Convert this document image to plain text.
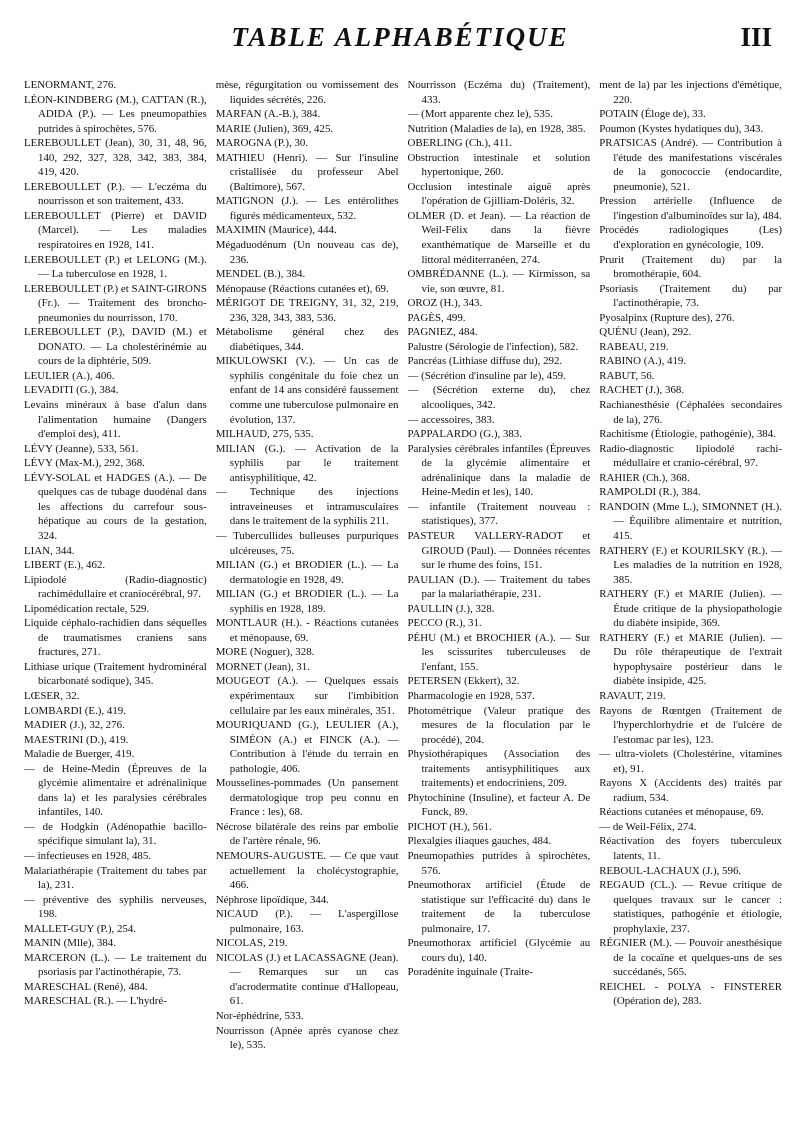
TABLE ALPHABÉTIQUE	III

LENORMANT, 276.

LÉON-KINDBERG (M.), CATTAN (R.), ADIDA (P.). — Les pneumopathies putrides à spirochètes, 576.

LEREBOULLET (Jean), 30, 31, 48, 96, 140, 292, 327, 328, 342, 383, 384, 419, 420.

LEREBOULLET (P.). — L'eczéma du nourrisson et son traitement, 433.

LEREBOULLET (Pierre) et DAVID (Marcel). — Les maladies respiratoires en 1928, 141.

LEREBOULLET (P.) et LELONG (M.). — La tuberculose en 1928, 1.

LEREBOULLET (P.) et SAINT-GIRONS (Fr.). — Traitement des broncho-pneumonies du nourrisson, 170.

LEREBOULLET (P.), DAVID (M.) et DONATO. — La cholestérinémie au cours de la diphtérie, 509.

LEULIER (A.), 406.

LEVADITI (G.), 384.

Levains minéraux à base d'alun dans l'alimentation humaine (Dangers d'emploi des), 411.

LÉVY (Jeanne), 533, 561.

LÉVY (Max-M.), 292, 368.

LÉVY-SOLAL et HADGES (A.). — De quelques cas de tubage duodénal dans les affections du carrefour sous-hépatique au cours de la gestation, 324.

LIAN, 344.

LIBERT (E.), 462.

Lipiodolé (Radio-diagnostic) rachimédullaire et craniocérébral, 97.

Lipomédication rectale, 529.

Liquide céphalo-rachidien dans séquelles de traumatismes craniens sans fractures, 271.

Lithiase urique (Traitement hydrominéral bicarbonaté sodique), 345.

LŒSER, 32.

LOMBARDI (E.), 419.

MADIER (J.), 32, 276.

MAESTRINI (D.), 419.

Maladie de Buerger, 419.

— de Heine-Medin (Épreuves de la glycémie alimentaire et adrénalinique dans la) et les paralysies cérébrales infantiles, 140.

— de Hodgkin (Adénopathie bacillo-spécifique simulant la), 31.

— infectieuses en 1928, 485.

Malariathérapie (Traitement du tabes par la), 231.

— préventive des syphilis nerveuses, 198.

MALLET-GUY (P.), 254.

MANIN (Mlle), 384.

MARCERON (L.). — Le traitement du psoriasis par l'actinothérapie, 73.

MARESCHAL (René), 484.

MARESCHAL (R.). — L'hydré-

mèse, régurgitation ou vomissement des liquides sécrétés, 226.

MARFAN (A.-B.), 384.

MARIE (Julien), 369, 425.

MAROGNA (P.), 30.

MATHIEU (Henri). — Sur l'insuline cristallisée du professeur Abel (Baltimore), 567.

MATIGNON (J.). — Les entérolithes figurés médicamenteux, 532.

MAXIMIN (Maurice), 444.

Mégaduodénum (Un nouveau cas de), 236.

MENDEL (B.), 384.

Ménopause (Réactions cutanées et), 69.

MÉRIGOT DE TREIGNY, 31, 32, 219, 236, 328, 343, 383, 536.

Métabolisme général chez des diabétiques, 344.

MIKULOWSKI (V.). — Un cas de syphilis congénitale du foie chez un enfant de 14 ans considéré faussement comme une tuberculose pulmonaire en évolution, 137.

MILHAUD, 275, 535.

MILIAN (G.). — Activation de la syphilis par le traitement antisyphilitique, 42.

— Technique des injections intraveineuses et intramusculaires dans le traitement de la syphilis 211.

— Tubercullides bulleuses purpuriques ulcéreuses, 75.

MILIAN (G.) et BRODIER (L.). — La dermatologie en 1928, 49.

MILIAN (G.) et BRODIER (L.). — La syphilis en 1928, 189.

MONTLAUR (H.). - Réactions cutanées et ménopause, 69.

MORE (Noguer), 328.

MORNET (Jean), 31.

MOUGEOT (A.). — Quelques essais expérimentaux sur l'imbibition cellulaire par les eaux minérales, 351.

MOURIQUAND (G.), LEULIER (A.), SIMÉON (A.) et FINCK (A.). — Contribution à l'étude du terrain en pathologie, 406.

Mousselines-pommades (Un pansement dermatologique trop peu connu en France : les), 68.

Nécrose bilatérale des reins par embolie de l'artère rénale, 96.

NEMOURS-AUGUSTE. — Ce que vaut actuellement la cholécystographie, 466.

Néphrose lipoïdique, 344.

NICAUD (P.). — L'aspergillose pulmonaire, 163.

NICOLAS, 219.

NICOLAS (J.) et LACASSAGNE (Jean). — Remarques sur un cas d'acrodermatite continue d'Hallopeau, 61.

Nor-éphédrine, 533.

Nourrisson (Apnée après cyanose chez le), 535.

Nourrisson (Eczéma du) (Traitement), 433.

— (Mort apparente chez le), 535.

Nutrition (Maladies de la), en 1928, 385.

OBERLING (Ch.), 411.

Obstruction intestinale et solution hypertonique, 260.

Occlusion intestinale aiguë après l'opération de Gjilliam-Doléris, 32.

OLMER (D. et Jean). — La réaction de Weil-Félix dans la fièvre exanthématique de Marseille et du littoral méditerranéen, 274.

OMBRÉDANNE (L.). — Kirmisson, sa vie, son œuvre, 81.

OROZ (H.), 343.

PAGÈS, 499.

PAGNIEZ, 484.

Palustre (Sérologie de l'infection), 582.

Pancréas (Lithiase diffuse du), 292.

— (Sécrétion d'insuline par le), 459.

— (Sécrétion externe du), chez alcooliques, 342.

— accessoires, 383.

PAPPALARDO (G.), 383.

Paralysies cérébrales infantiles (Épreuves de la glycémie alimentaire et adrénalinique dans la maladie de Heine-Medin et les), 140.

— infantile (Traitement nouveau : statistiques), 377.

PASTEUR VALLERY-RADOT et GIROUD (Paul). — Données récentes sur le rhume des foins, 151.

PAULIAN (D.). — Traitement du tabes par la malariathérapie, 231.

PAULLIN (J.), 328.

PECCO (R.), 31.

PÉHU (M.) et BROCHIER (A.). — Sur les scissurites tuberculeuses de l'enfant, 155.

PETERSEN (Ekkert), 32.

Pharmacologie en 1928, 537.

Photométrique (Valeur pratique des mesures de la floculation par le procédé), 204.

Physiothérapiques (Association des traitements antisyphilitiques aux traitements) et endocriniens, 209.

Phytochinine (Insuline), et facteur A. De Funck, 89.

PICHOT (H.), 561.

Plexalgies iliaques gauches, 484.

Pneumopathies putrides à spirochètes, 576.

Pneumothorax artificiel (Étude de statistique sur l'efficacité du) dans le traitement de la tuberculose pulmonaire, 17.

Pneumothorax artificiel (Glycémie au cours du), 140.

Poradénite inguinale (Traite-

ment de la) par les injections d'émétique, 220.

POTAIN (Éloge de), 33.

Poumon (Kystes hydatiques du), 343.

PRATSICAS (André). — Contribution à l'étude des manifestations viscérales de la gonococcie (endocardite, pneumonie), 521.

Pression artérielle (Influence de l'ingestion d'albuminoïdes sur la), 484.

Procédés radiologiques (Les) d'exploration en gynécologie, 109.

Prurit (Traitement du) par la bromothérapie, 604.

Psoriasis (Traitement du) par l'actinothérapie, 73.

Pyosalpinx (Rupture des), 276.

QUÉNU (Jean), 292.

RABEAU, 219.

RABINO (A.), 419.

RABUT, 56.

RACHET (J.), 368.

Rachianesthésie (Céphalées secondaires de la), 276.

Rachitisme (Étiologie, pathogénie), 384.

Radio-diagnostic lipiodolé rachi-médullaire et cranio-cérébral, 97.

RAHIER (Ch.), 368.

RAMPOLDI (R.), 384.

RANDOIN (Mme L.), SIMONNET (H.). — Équilibre alimentaire et nutrition, 415.

RATHERY (F.) et KOURILSKY (R.). — Les maladies de la nutrition en 1928, 385.

RATHERY (F.) et MARIE (Julien). — Étude critique de la physiopathologie du diabète insipide, 369.

RATHERY (F.) et MARIE (Julien). — Du rôle thérapeutique de l'extrait hypophysaire postérieur dans le diabète insipide, 425.

RAVAUT, 219.

Rayons de Rœntgen (Traitement de l'hyperchlorhydrie et de l'ulcère de l'estomac par les), 123.

— ultra-violets (Cholestérine, vitamines et), 91.

Rayons X (Accidents des) traités par radium, 534.

Réactions cutanées et ménopause, 69.

— de Weil-Félix, 274.

Réactivation des foyers tuberculeux latents, 11.

REBOUL-LACHAUX (J.), 596.

REGAUD (CL.). — Revue critique de quelques travaux sur le cancer : statistiques, pathogénie et étiologie, prophylaxie, 237.

RÉGNIER (M.). — Pouvoir anesthésique de la cocaïne et quelques-uns de ses succédanés, 565.

REICHEL - POLYA - FINSTERER (Opération de), 283.
